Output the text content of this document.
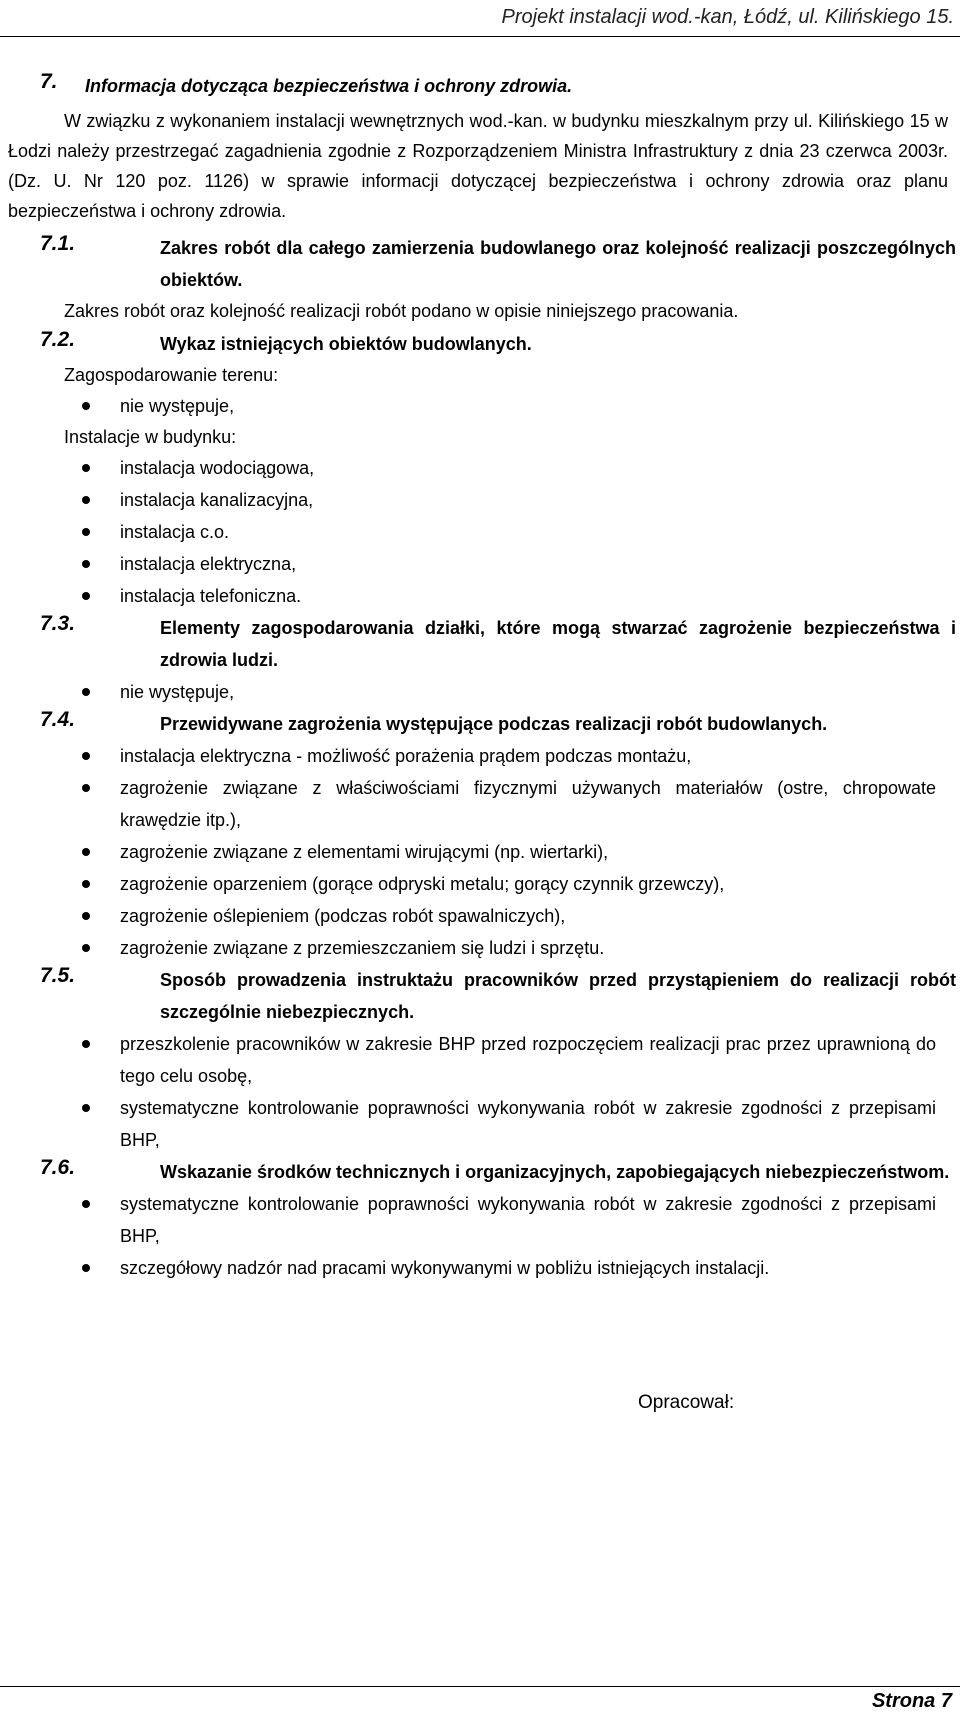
Projekt instalacji wod.-kan, Łódź, ul. Kilińskiego 15.
7.	Informacja dotycząca bezpieczeństwa i ochrony zdrowia.
W związku z wykonaniem instalacji wewnętrznych wod.-kan. w budynku mieszkalnym przy ul. Kilińskiego 15 w Łodzi należy przestrzegać zagadnienia zgodnie z Rozporządzeniem Ministra Infrastruktury z dnia 23 czerwca 2003r. (Dz. U. Nr 120 poz. 1126) w sprawie informacji dotyczącej bezpieczeństwa i ochrony zdrowia oraz planu bezpieczeństwa i ochrony zdrowia.
7.1.	Zakres robót dla całego zamierzenia budowlanego oraz kolejność realizacji poszczególnych obiektów.
Zakres robót oraz kolejność realizacji robót podano w opisie niniejszego pracowania.
7.2.	Wykaz istniejących obiektów budowlanych.
Zagospodarowanie terenu:
nie występuje,
Instalacje w budynku:
instalacja wodociągowa,
instalacja kanalizacyjna,
instalacja c.o.
instalacja elektryczna,
instalacja telefoniczna.
7.3.	Elementy zagospodarowania działki, które mogą stwarzać zagrożenie bezpieczeństwa i zdrowia ludzi.
nie występuje,
7.4.	Przewidywane zagrożenia występujące podczas realizacji robót budowlanych.
instalacja elektryczna - możliwość porażenia prądem podczas montażu,
zagrożenie związane z właściwościami fizycznymi używanych materiałów (ostre, chropowate krawędzie itp.),
zagrożenie związane z elementami wirującymi (np. wiertarki),
zagrożenie oparzeniem (gorące odpryski metalu; gorący czynnik grzewczy),
zagrożenie oślepieniem (podczas robót spawalniczych),
zagrożenie związane z przemieszczaniem się ludzi i sprzętu.
7.5.	Sposób prowadzenia instruktażu pracowników przed przystąpieniem do realizacji robót szczególnie niebezpiecznych.
przeszkolenie pracowników w zakresie BHP przed rozpoczęciem realizacji prac przez uprawnioną do tego celu osobę,
systematyczne kontrolowanie poprawności wykonywania robót w zakresie zgodności z przepisami BHP,
7.6.	Wskazanie środków technicznych i organizacyjnych, zapobiegających niebezpieczeństwom.
systematyczne kontrolowanie poprawności wykonywania robót w zakresie zgodności z przepisami BHP,
szczegółowy nadzór nad pracami wykonywanymi w pobliżu istniejących instalacji.
Opracował:
Strona 7
